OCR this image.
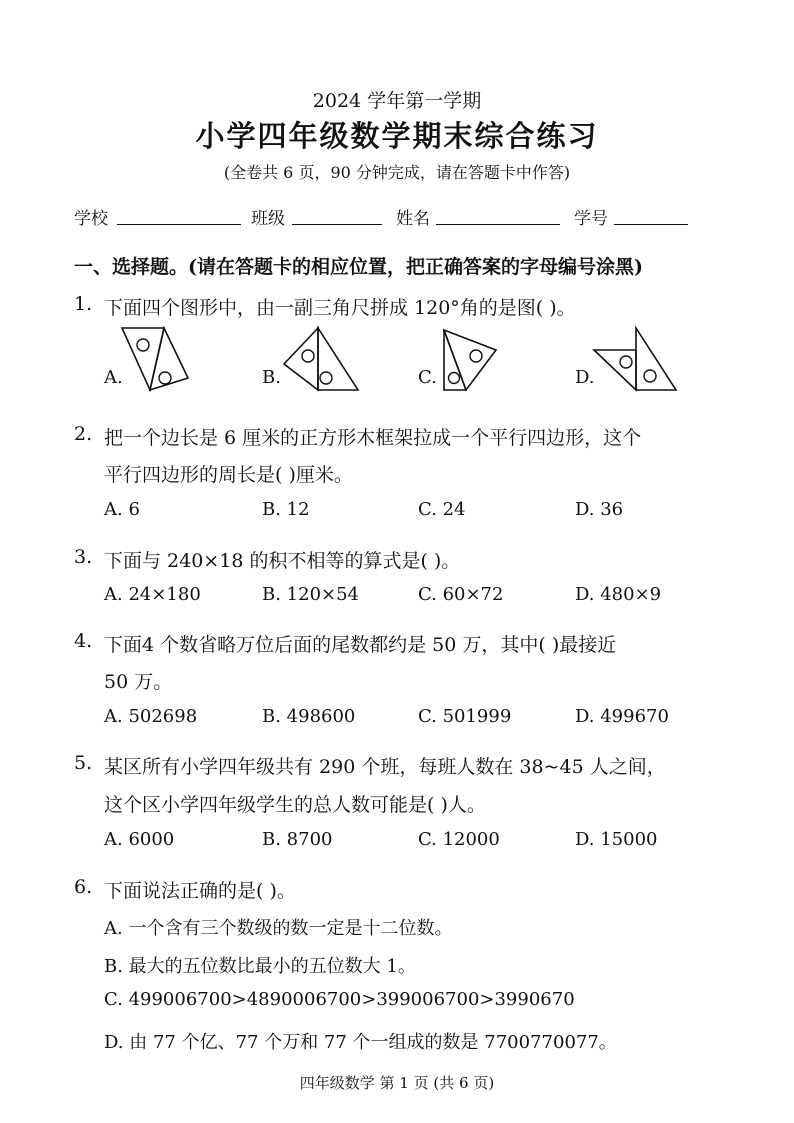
2024 学年第一学期
小学四年级数学期末综合练习
(全卷共 6 页，90 分钟完成，请在答题卡中作答)
学校	班级	姓名	学号
一、选择题。(请在答题卡的相应位置，把正确答案的字母编号涂黑)
1. 下面四个图形中，由一副三角尺拼成 120°角的是图( )。
A.	B.	C.	D.
2. 把一个边长是 6 厘米的正方形木框架拉成一个平行四边形，这个
平行四边形的周长是( )厘米。
A. 6	B. 12	C. 24	D. 36
3. 下面与 240×18 的积不相等的算式是( )。
A. 24×180	B. 120×54	C. 60×72	D. 480×9
4. 下面4 个数省略万位后面的尾数都约是 50 万，其中( )最接近
50 万。
A. 502698	B. 498600	C. 501999	D. 499670
5. 某区所有小学四年级共有 290 个班，每班人数在 38~45 人之间，
这个区小学四年级学生的总人数可能是( )人。
A. 6000	B. 8700	C. 12000	D. 15000
6. 下面说法正确的是( )。
A. 一个含有三个数级的数一定是十二位数。
B. 最大的五位数比最小的五位数大 1。
C. 499006700>4890006700>399006700>3990670
D. 由 77 个亿、77 个万和 77 个一组成的数是 7700770077。
四年级数学 第 1 页 (共 6 页)
